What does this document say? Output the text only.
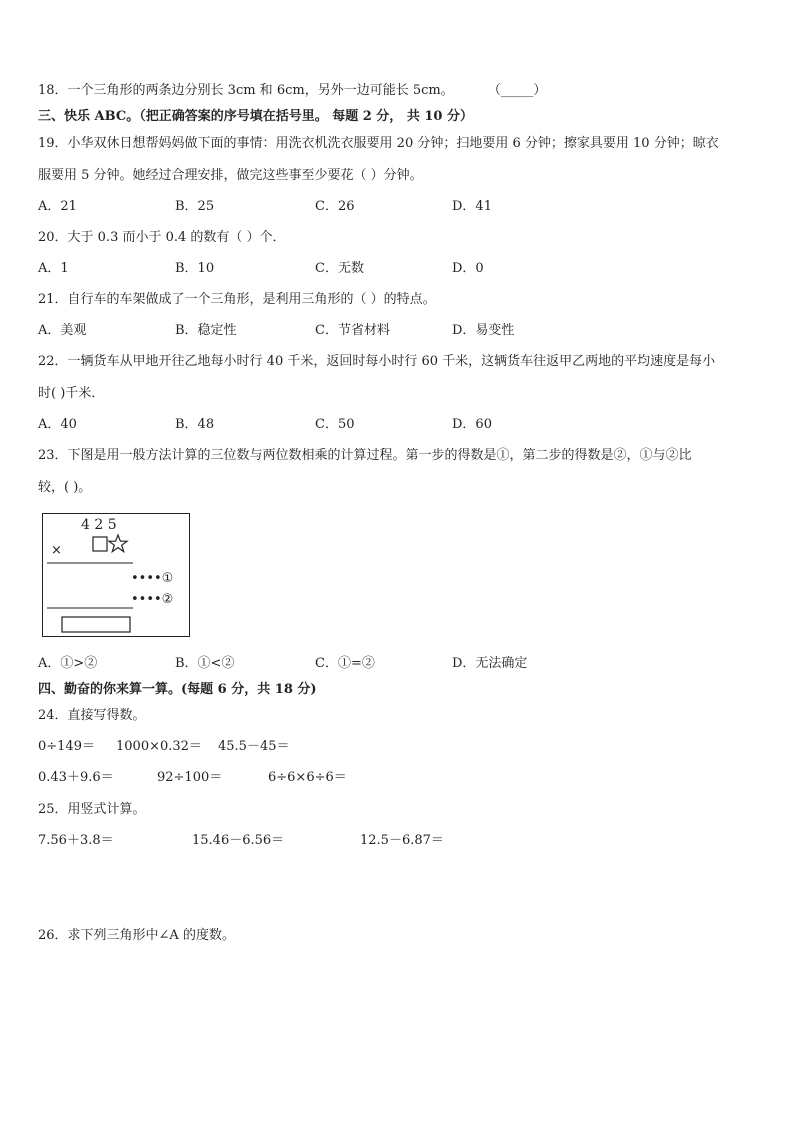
18．一个三角形的两条边分别长 3cm 和 6cm，另外一边可能长 5cm。	（_____）
三、快乐 ABC。（把正确答案的序号填在括号里。 每题 2 分， 共 10 分）
19．小华双休日想帮妈妈做下面的事情：用洗衣机洗衣服要用 20 分钟；扫地要用 6 分钟；擦家具要用 10 分钟；晾衣
服要用 5 分钟。她经过合理安排，做完这些事至少要花（ ）分钟。
A．21	B．25	C．26	D．41
20．大于 0.3 而小于 0.4 的数有（ ）个．
A．1	B．10	C．无数	D．0
21．自行车的车架做成了一个三角形，是利用三角形的（ ）的特点。
A．美观	B．稳定性	C．节省材料	D．易变性
22．一辆货车从甲地开往乙地每小时行 40 千米，返回时每小时行 60 千米，这辆货车往返甲乙两地的平均速度是每小
时( )千米．
A．40	B．48	C．50	D．60
23．下图是用一般方法计算的三位数与两位数相乘的计算过程。第一步的得数是①，第二步的得数是②，①与②比
较，( )。
4 2 5
×
••••①
••••②
A．①>②	B．①<②	C．①=②	D．无法确定
四、勤奋的你来算一算。(每题 6 分，共 18 分)
24．直接写得数。
0÷149＝ 1000×0.32＝ 45.5－45＝
0.43＋9.6＝	92÷100＝	6÷6×6÷6＝
25．用竖式计算。
7.56＋3.8＝	15.46－6.56＝	12.5－6.87＝
26．求下列三角形中∠A 的度数。
